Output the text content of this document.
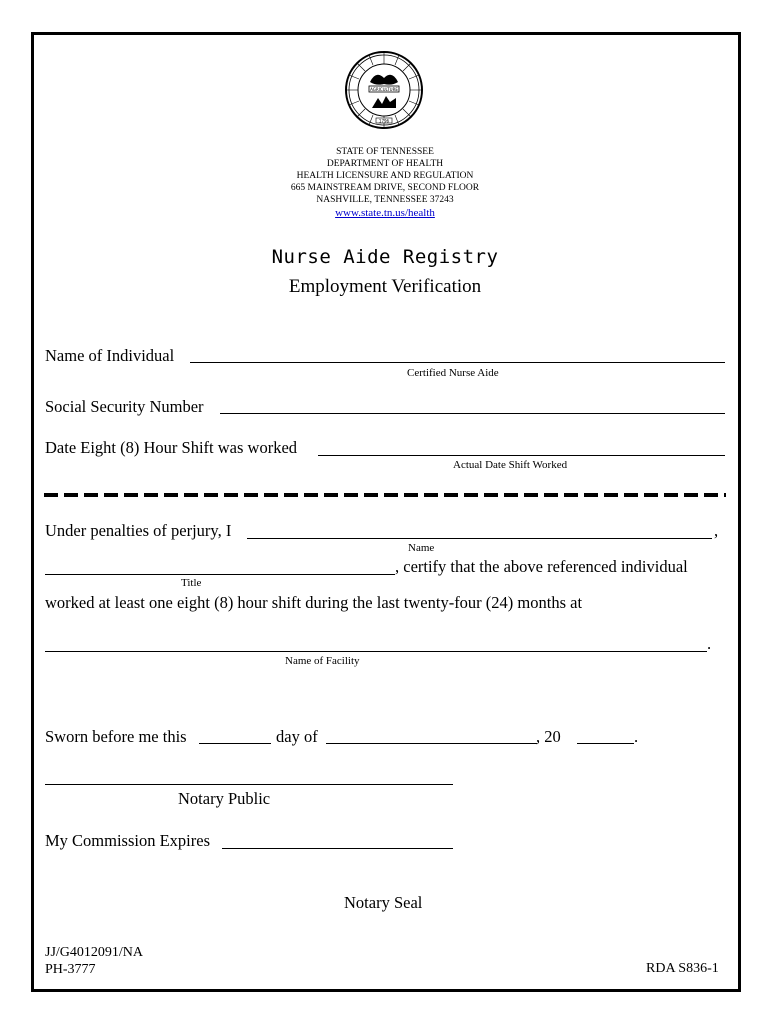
AGRICULTURE
1796
STATE OF TENNESSEE
DEPARTMENT OF HEALTH
HEALTH LICENSURE AND REGULATION
665 MAINSTREAM DRIVE, SECOND FLOOR
NASHVILLE, TENNESSEE 37243
www.state.tn.us/health
Nurse Aide Registry
Employment Verification
Name of Individual
Certified Nurse Aide
Social Security Number
Date Eight (8) Hour Shift was worked
Actual Date Shift Worked
Under penalties of perjury, I	,
Name
, certify that the above referenced individual
Title
worked at least one eight (8) hour shift during the last twenty-four (24) months at
.
Name of Facility
Sworn before me this	day of	, 20	.
Notary Public
My Commission Expires
Notary Seal
JJ/G4012091/NA
PH-3777	RDA S836-1
